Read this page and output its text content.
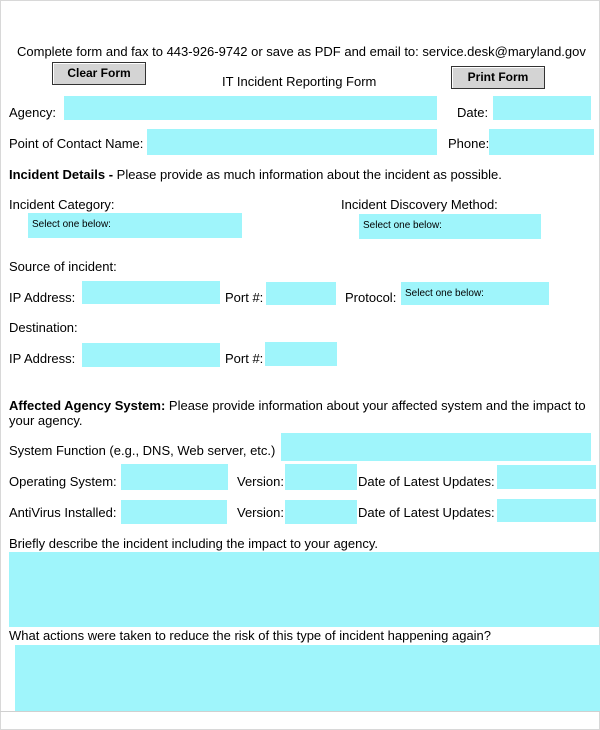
Complete form and fax to 443-926-9742 or save as PDF and email to: service.desk@maryland.gov
Clear Form
IT Incident Reporting Form	Print Form
Agency:	Date:
Point of Contact Name:	Phone:
Incident Details - Please provide as much information about the incident as possible.
Incident Category:
Select one below:
Incident Discovery Method:
Select one below:
Source of incident:
IP Address:	Port #:	Protocol: Select one below:
Destination:
IP Address:	Port #:
Affected Agency System: Please provide information about your affected system and the impact to your agency.
System Function (e.g., DNS, Web server, etc.)
Operating System:	Version:	Date of Latest Updates:
AntiVirus Installed:	Version:	Date of Latest Updates:
Briefly describe the incident including the impact to your agency.
What actions were taken to reduce the risk of this type of incident happening again?
